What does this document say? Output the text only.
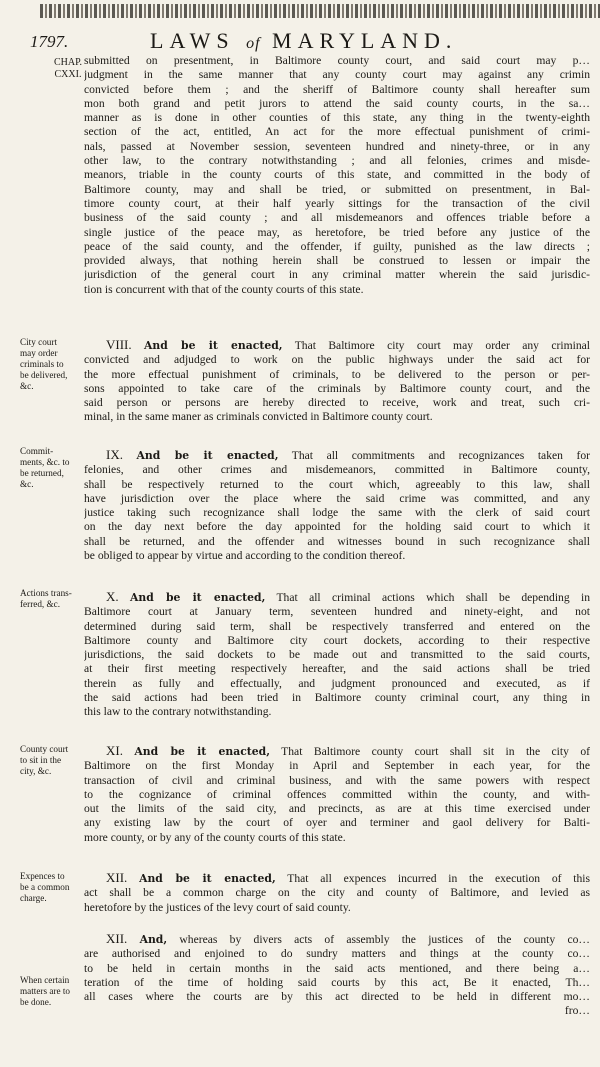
1797.	LAWS of MARYLAND.
CHAP.
CXXI.
submitted on presentment, in Baltimore county court, and said court may p…
judgment in the same manner that any county court may against any crimin
convicted before them ; and the sheriff of Baltimore county shall hereafter sum
mon both grand and petit jurors to attend the said county courts, in the sa…
manner as is done in other counties of this state, any thing in the twenty-eighth
section of the act, entitled, An act for the more effectual punishment of crimi-
nals, passed at November session, seventeen hundred and ninety-three, or in any
other law, to the contrary notwithstanding ; and all felonies, crimes and misde-
meanors, triable in the county courts of this state, and committed in the body of
Baltimore county, may and shall be tried, or submitted on presentment, in Bal-
timore county court, at their half yearly sittings for the transaction of the civil
business of the said county ; and all misdemeanors and offences triable before a
single justice of the peace may, as heretofore, be tried before any justice of the
peace of the said county, and the offender, if guilty, punished as the law directs ;
provided always, that nothing herein shall be construed to lessen or impair the
jurisdiction of the general court in any criminal matter wherein the said jurisdic-
tion is concurrent with that of the county courts of this state.
City court
may order
criminals to
be delivered,
&c.
VIII. And be it enacted, That Baltimore city court may order any criminal
convicted and adjudged to work on the public highways under the said act for
the more effectual punishment of criminals, to be delivered to the person or per-
sons appointed to take care of the criminals by Baltimore county court, and the
said person or persons are hereby directed to receive, work and treat, such cri-
minal, in the same maner as criminals convicted in Baltimore county court.
Commit-
ments, &c. to
be returned,
&c.
IX. And be it enacted, That all commitments and recognizances taken for
felonies, and other crimes and misdemeanors, committed in Baltimore county,
shall be respectively returned to the court which, agreeably to this law, shall
have jurisdiction over the place where the said crime was committed, and any
justice taking such recognizance shall lodge the same with the clerk of said court
on the day next before the day appointed for the holding said court to which it
shall be returned, and the offender and witnesses bound in such recognizance shall
be obliged to appear by virtue and according to the condition thereof.
Actions trans-
ferred, &c.	X. And be it enacted, That all criminal actions which shall be depending in
Baltimore court at January term, seventeen hundred and ninety-eight, and not
determined during said term, shall be respectively transferred and entered on the
Baltimore county and Baltimore city court dockets, according to their respective
jurisdictions, the said dockets to be made out and transmitted to the said courts,
at their first meeting respectively hereafter, and the said actions shall be tried
therein as fully and effectually, and judgment pronounced and executed, as if
the said actions had been tried in Baltimore county criminal court, any thing in
this law to the contrary notwithstanding.
County court
to sit in the
city, &c.
XI. And be it enacted, That Baltimore county court shall sit in the city of
Baltimore on the first Monday in April and September in each year, for the
transaction of civil and criminal business, and with the same powers with respect
to the cognizance of criminal offences committed within the county, and with-
out the limits of the said city, and precincts, as are at this time exercised under
any existing law by the court of oyer and terminer and gaol delivery for Balti-
more county, or by any of the county courts of this state.
Expences to
be a common
charge.
XII. And be it enacted, That all expences incurred in the execution of this
act shall be a common charge on the city and county of Baltimore, and levied as
heretofore by the justices of the levy court of said county.
When certain
matters are to
be done.
XII. And, whereas by divers acts of assembly the justices of the county co…
are authorised and enjoined to do sundry matters and things at the county co…
to be held in certain months in the said acts mentioned, and there being a…
teration of the time of holding said courts by this act, Be it enacted, Th…
all cases where the courts are by this act directed to be held in different mo…
fro…
